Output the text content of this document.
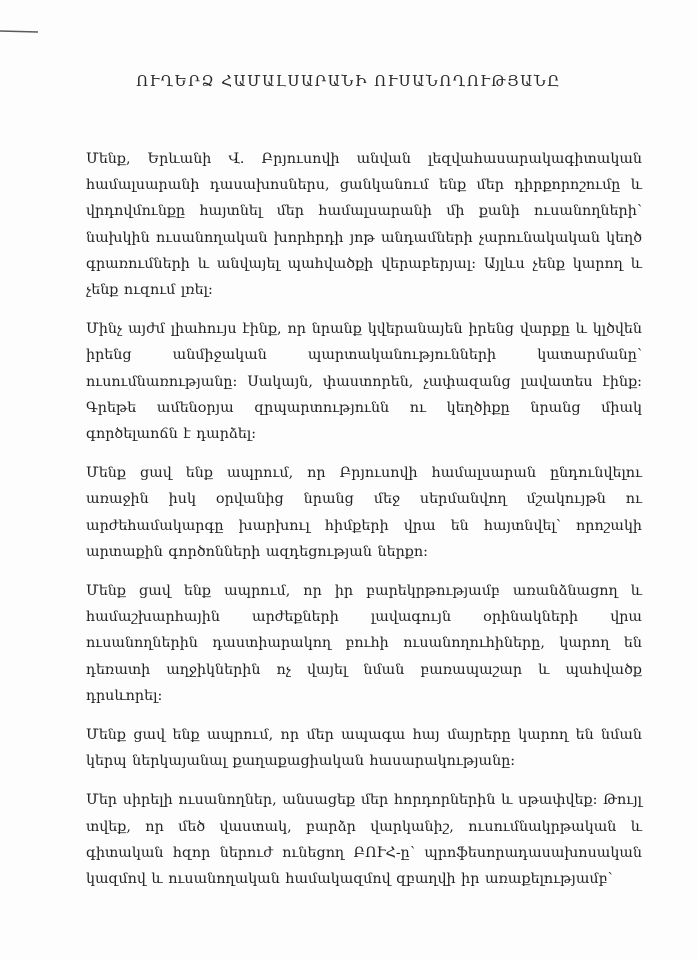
ՈՒՂԵՐՁ ՀԱՄԱԼՍԱՐԱՆԻ ՈՒՍԱՆՈՂՈՒԹՅԱՆԸ

Մենք, Երևանի Վ. Բրյուսովի անվան լեզվահասարակագիտական համալսարանի դասախոսներս, ցանկանում ենք մեր դիրքորոշումը և վրդովմունքը հայտնել մեր համալսարանի մի քանի ուսանողների՝ նախկին ուսանողական խորհրդի յոթ անդամների չարունակական կեղծ գրառումների և անվայել պահվածքի վերաբերյալ: Այլևս չենք կարող և չենք ուզում լռել:

Մինչ այժմ լիահույս էինք, որ նրանք կվերանայեն իրենց վարքը և կլծվեն իրենց անմիջական պարտականությունների կատարմանը՝ ուսումնառությանը: Սակայն, փաստորեն, չափազանց լավատես էինք: Գրեթե ամենօրյա զրպարտությունն ու կեղծիքը նրանց միակ գործելաոճն է դարձել:

Մենք ցավ ենք ապրում, որ Բրյուսովի համալսարան ընդունվելու առաջին իսկ օրվանից նրանց մեջ սերմանվող մշակույթն ու արժեհամակարգը խարխուլ հիմքերի վրա են հայտնվել՝ որոշակի արտաքին գործոնների ազդեցության ներքո:

Մենք ցավ ենք ապրում, որ իր բարեկրթությամբ առանձնացող և համաշխարհային արժեքների լավագույն օրինակների վրա ուսանողներին դաստիարակող բուհի ուսանողուհիները, կարող են դեռատի աղջիկներին ոչ վայել նման բառապաշար և պահվածք դրսևորել:

Մենք ցավ ենք ապրում, որ մեր ապագա հայ մայրերը կարող են նման կերպ ներկայանալ քաղաքացիական հասարակությանը:

Մեր սիրելի ուսանողներ, անսացեք մեր հորդորներին և սթափվեք: Թույլ տվեք, որ մեծ վաստակ, բարձր վարկանիշ, ուսումնակրթական և գիտական հզոր ներուժ ունեցող ԲՈՒՀ-ը՝ պրոֆեսորադասախոսական կազմով և ուսանողական համակազմով զբաղվի իր առաքելությամբ՝
